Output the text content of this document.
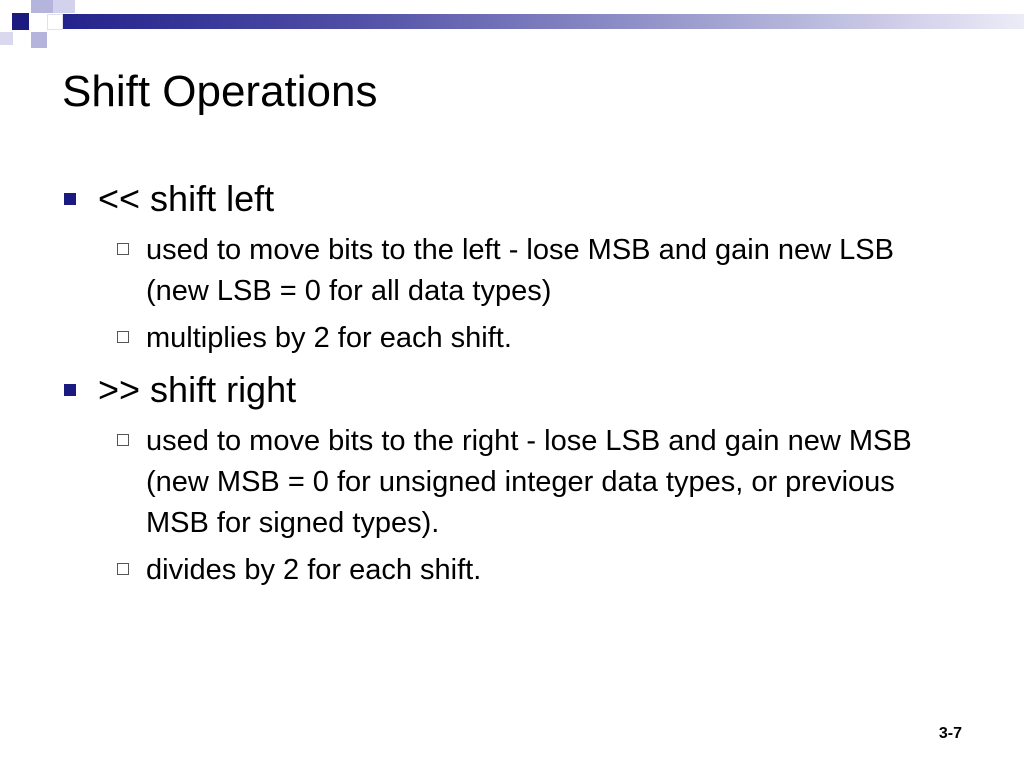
Shift Operations
<< shift left
used to move bits to the left - lose MSB and gain new LSB (new LSB = 0 for all data types)
multiplies by 2 for each shift.
>> shift right
used to move bits to the right - lose LSB and gain new MSB (new MSB = 0 for unsigned integer data types, or previous MSB for signed types).
divides by 2 for each shift.
3-7
